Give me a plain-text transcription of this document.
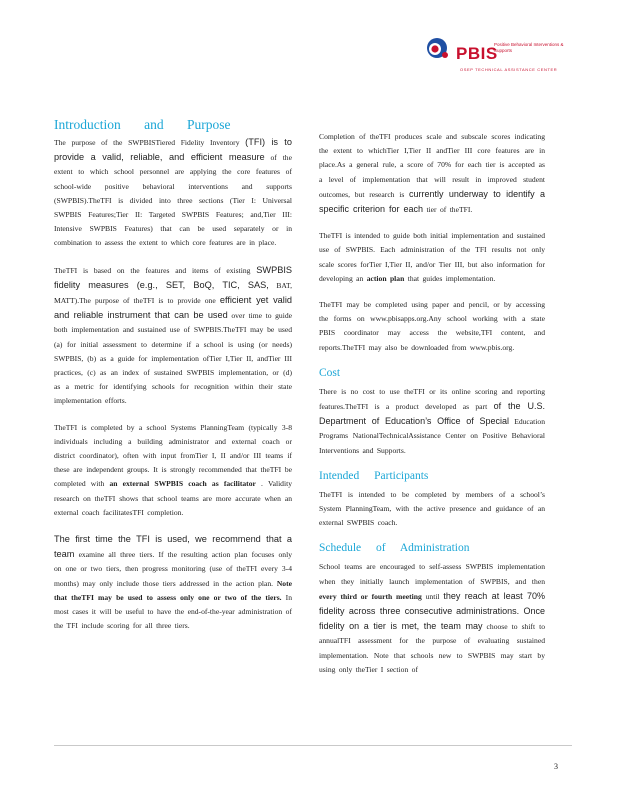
PBIS
Positive Behavioral Interventions & Supports
OSEP TECHNICAL ASSISTANCE CENTER
Introduction and Purpose

The purpose of the SWPBISTiered Fidelity Inventory (TFI) is to provide a valid, reliable, and efficient measure of the extent to which school personnel are applying the core features of school-wide positive behavioral interventions and supports (SWPBIS).TheTFI is divided into three sections (Tier I: Universal SWPBIS Features;Tier II: Targeted SWPBIS Features; and,Tier III: Intensive SWPBIS Features) that can be used separately or in combination to assess the extent to which core features are in place.

TheTFI is based on the features and items of existing SWPBIS fidelity measures (e.g., SET, BoQ, TIC, SAS, BAT, MATT).The purpose of theTFI is to provide one efficient yet valid and reliable instrument that can be used over time to guide both implementation and sustained use of SWPBIS.TheTFI may be used (a) for initial assessment to determine if a school is using (or needs) SWPBIS, (b) as a guide for implementation ofTier I,Tier II, andTier III practices, (c) as an index of sustained SWPBIS implementation, or (d) as a metric for identifying schools for recognition within their state implementation efforts.

TheTFI is completed by a school Systems PlanningTeam (typically 3-8 individuals including a building administrator and external coach or district coordinator), often with input fromTier I, II and/or III teams if these are independent groups. It is strongly recommended that theTFI be completed with an external SWPBIS coach as facilitator . Validity research on theTFI shows that school teams are more accurate when an external coach facilitatesTFI completion.

The first time the TFI is used, we recommend that a team examine all three tiers. If the resulting action plan focuses only on one or two tiers, then progress monitoring (use of theTFI every 3-4 months) may only include those tiers addressed in the action plan. Note that theTFI may be used to assess only one or two of the tiers. In most cases it will be useful to have the end-of-the-year administration of the TFI include scoring for all three tiers.

Completion of theTFI produces scale and subscale scores indicating the extent to whichTier I,Tier II andTier III core features are in place.As a general rule, a score of 70% for each tier is accepted as a level of implementation that will result in improved student outcomes, but research is currently underway to identify a specific criterion for each tier of theTFI.

TheTFI is intended to guide both initial implementation and sustained use of SWPBIS. Each administration of the TFI results not only scale scores forTier I,Tier II, and/or Tier III, but also information for developing an action plan that guides implementation.

TheTFI may be completed using paper and pencil, or by accessing the forms on www.pbisapps.org.Any school working with a state PBIS coordinator may access the website,TFI content, and reports.TheTFI may also be downloaded from www.pbis.org.

Cost

There is no cost to use theTFI or its online scoring and reporting features.TheTFI is a product developed as part of the U.S. Department of Education’s Office of Special Education Programs NationalTechnicalAssistance Center on Positive Behavioral Interventions and Supports.

Intended Participants

TheTFI is intended to be completed by members of a school’s System PlanningTeam, with the active presence and guidance of an external SWPBIS coach.

Schedule of Administration

School teams are encouraged to self-assess SWPBIS implementation when they initially launch implementation of SWPBIS, and then every third or fourth meeting until they reach at least 70% fidelity across three consecutive administrations. Once fidelity on a tier is met, the team may choose to shift to annualTFI assessment for the purpose of evaluating sustained implementation. Note that schools new to SWPBIS may start by using only theTier I section of

3
